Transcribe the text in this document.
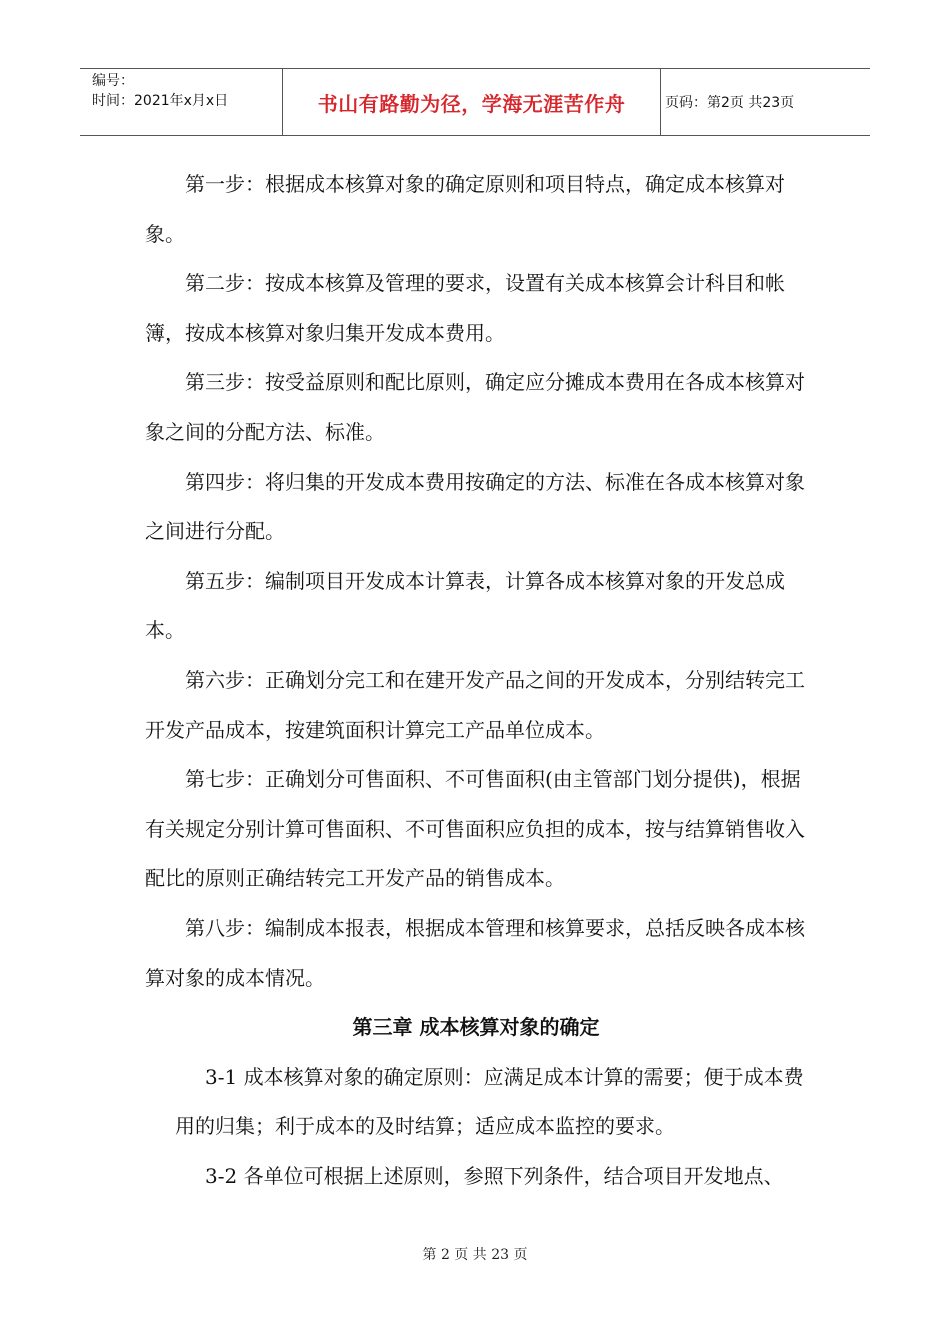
编号：
时间：2021年x月x日	书山有路勤为径，学海无涯苦作舟	页码：第2页 共23页

第一步：根据成本核算对象的确定原则和项目特点，确定成本核算对象。

第二步：按成本核算及管理的要求，设置有关成本核算会计科目和帐簿，按成本核算对象归集开发成本费用。

第三步：按受益原则和配比原则，确定应分摊成本费用在各成本核算对象之间的分配方法、标准。

第四步：将归集的开发成本费用按确定的方法、标准在各成本核算对象之间进行分配。

第五步：编制项目开发成本计算表，计算各成本核算对象的开发总成本。

第六步：正确划分完工和在建开发产品之间的开发成本，分别结转完工开发产品成本，按建筑面积计算完工产品单位成本。

第七步：正确划分可售面积、不可售面积(由主管部门划分提供)，根据有关规定分别计算可售面积、不可售面积应负担的成本，按与结算销售收入配比的原则正确结转完工开发产品的销售成本。

第八步：编制成本报表，根据成本管理和核算要求，总括反映各成本核算对象的成本情况。

第三章 成本核算对象的确定

3-1 成本核算对象的确定原则：应满足成本计算的需要；便于成本费用的归集；利于成本的及时结算；适应成本监控的要求。

3-2 各单位可根据上述原则，参照下列条件，结合项目开发地点、

第 2 页 共 23 页
